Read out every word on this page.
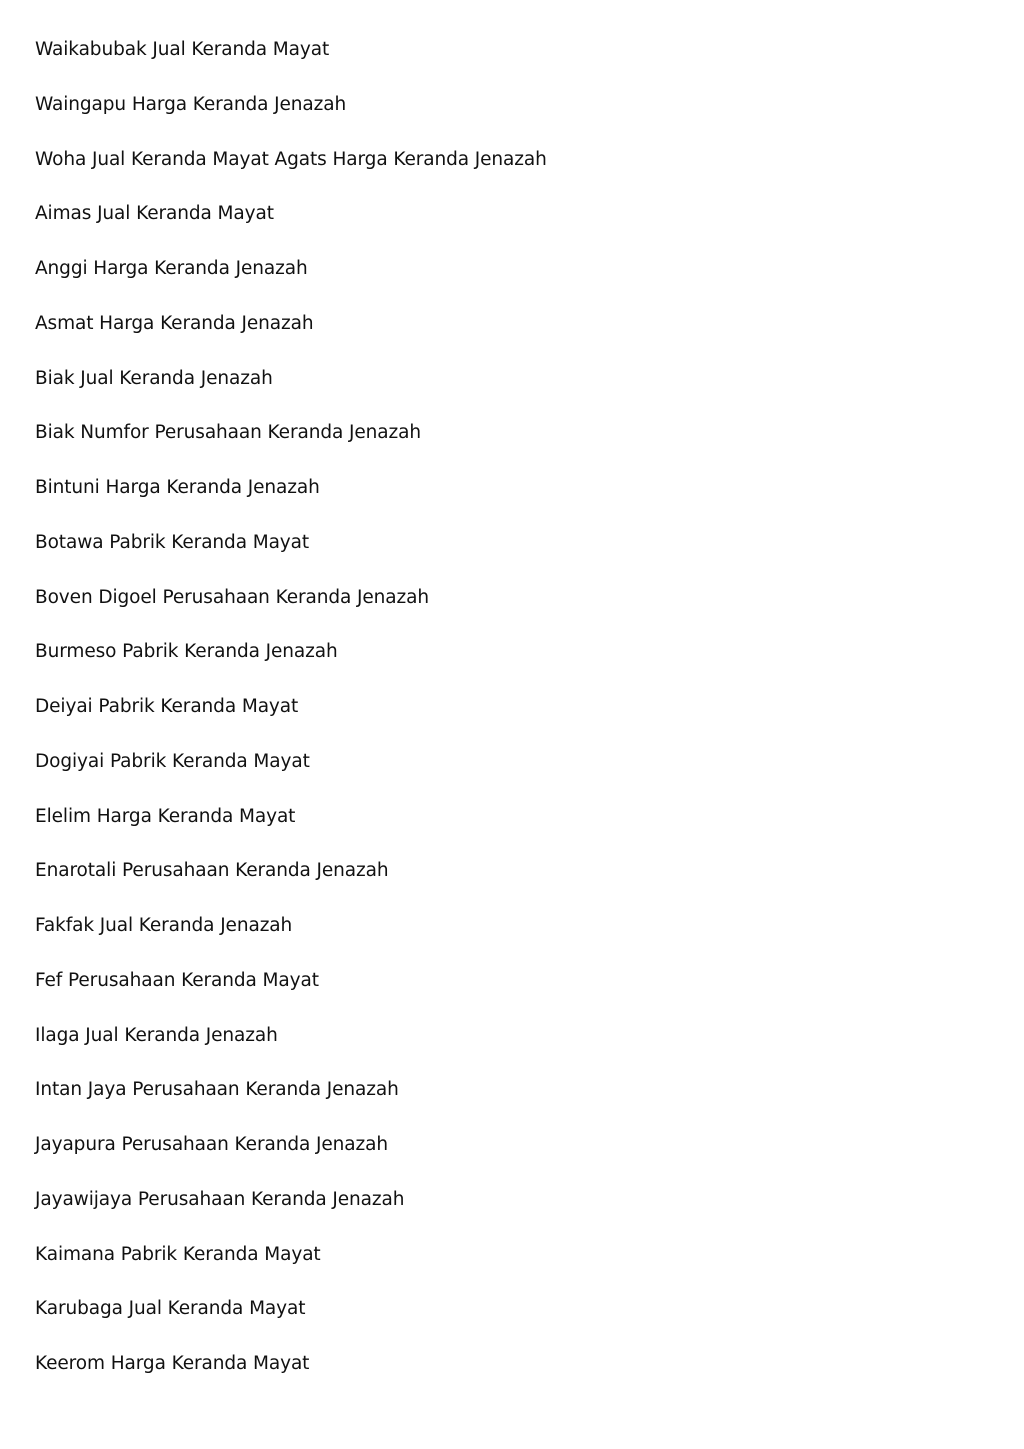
Waikabubak Jual Keranda Mayat
Waingapu Harga Keranda Jenazah
Woha Jual Keranda Mayat Agats Harga Keranda Jenazah
Aimas Jual Keranda Mayat
Anggi Harga Keranda Jenazah
Asmat Harga Keranda Jenazah
Biak Jual Keranda Jenazah
Biak Numfor Perusahaan Keranda Jenazah
Bintuni Harga Keranda Jenazah
Botawa Pabrik Keranda Mayat
Boven Digoel Perusahaan Keranda Jenazah
Burmeso Pabrik Keranda Jenazah
Deiyai Pabrik Keranda Mayat
Dogiyai Pabrik Keranda Mayat
Elelim Harga Keranda Mayat
Enarotali Perusahaan Keranda Jenazah
Fakfak Jual Keranda Jenazah
Fef Perusahaan Keranda Mayat
Ilaga Jual Keranda Jenazah
Intan Jaya Perusahaan Keranda Jenazah
Jayapura Perusahaan Keranda Jenazah
Jayawijaya Perusahaan Keranda Jenazah
Kaimana Pabrik Keranda Mayat
Karubaga Jual Keranda Mayat
Keerom Harga Keranda Mayat
